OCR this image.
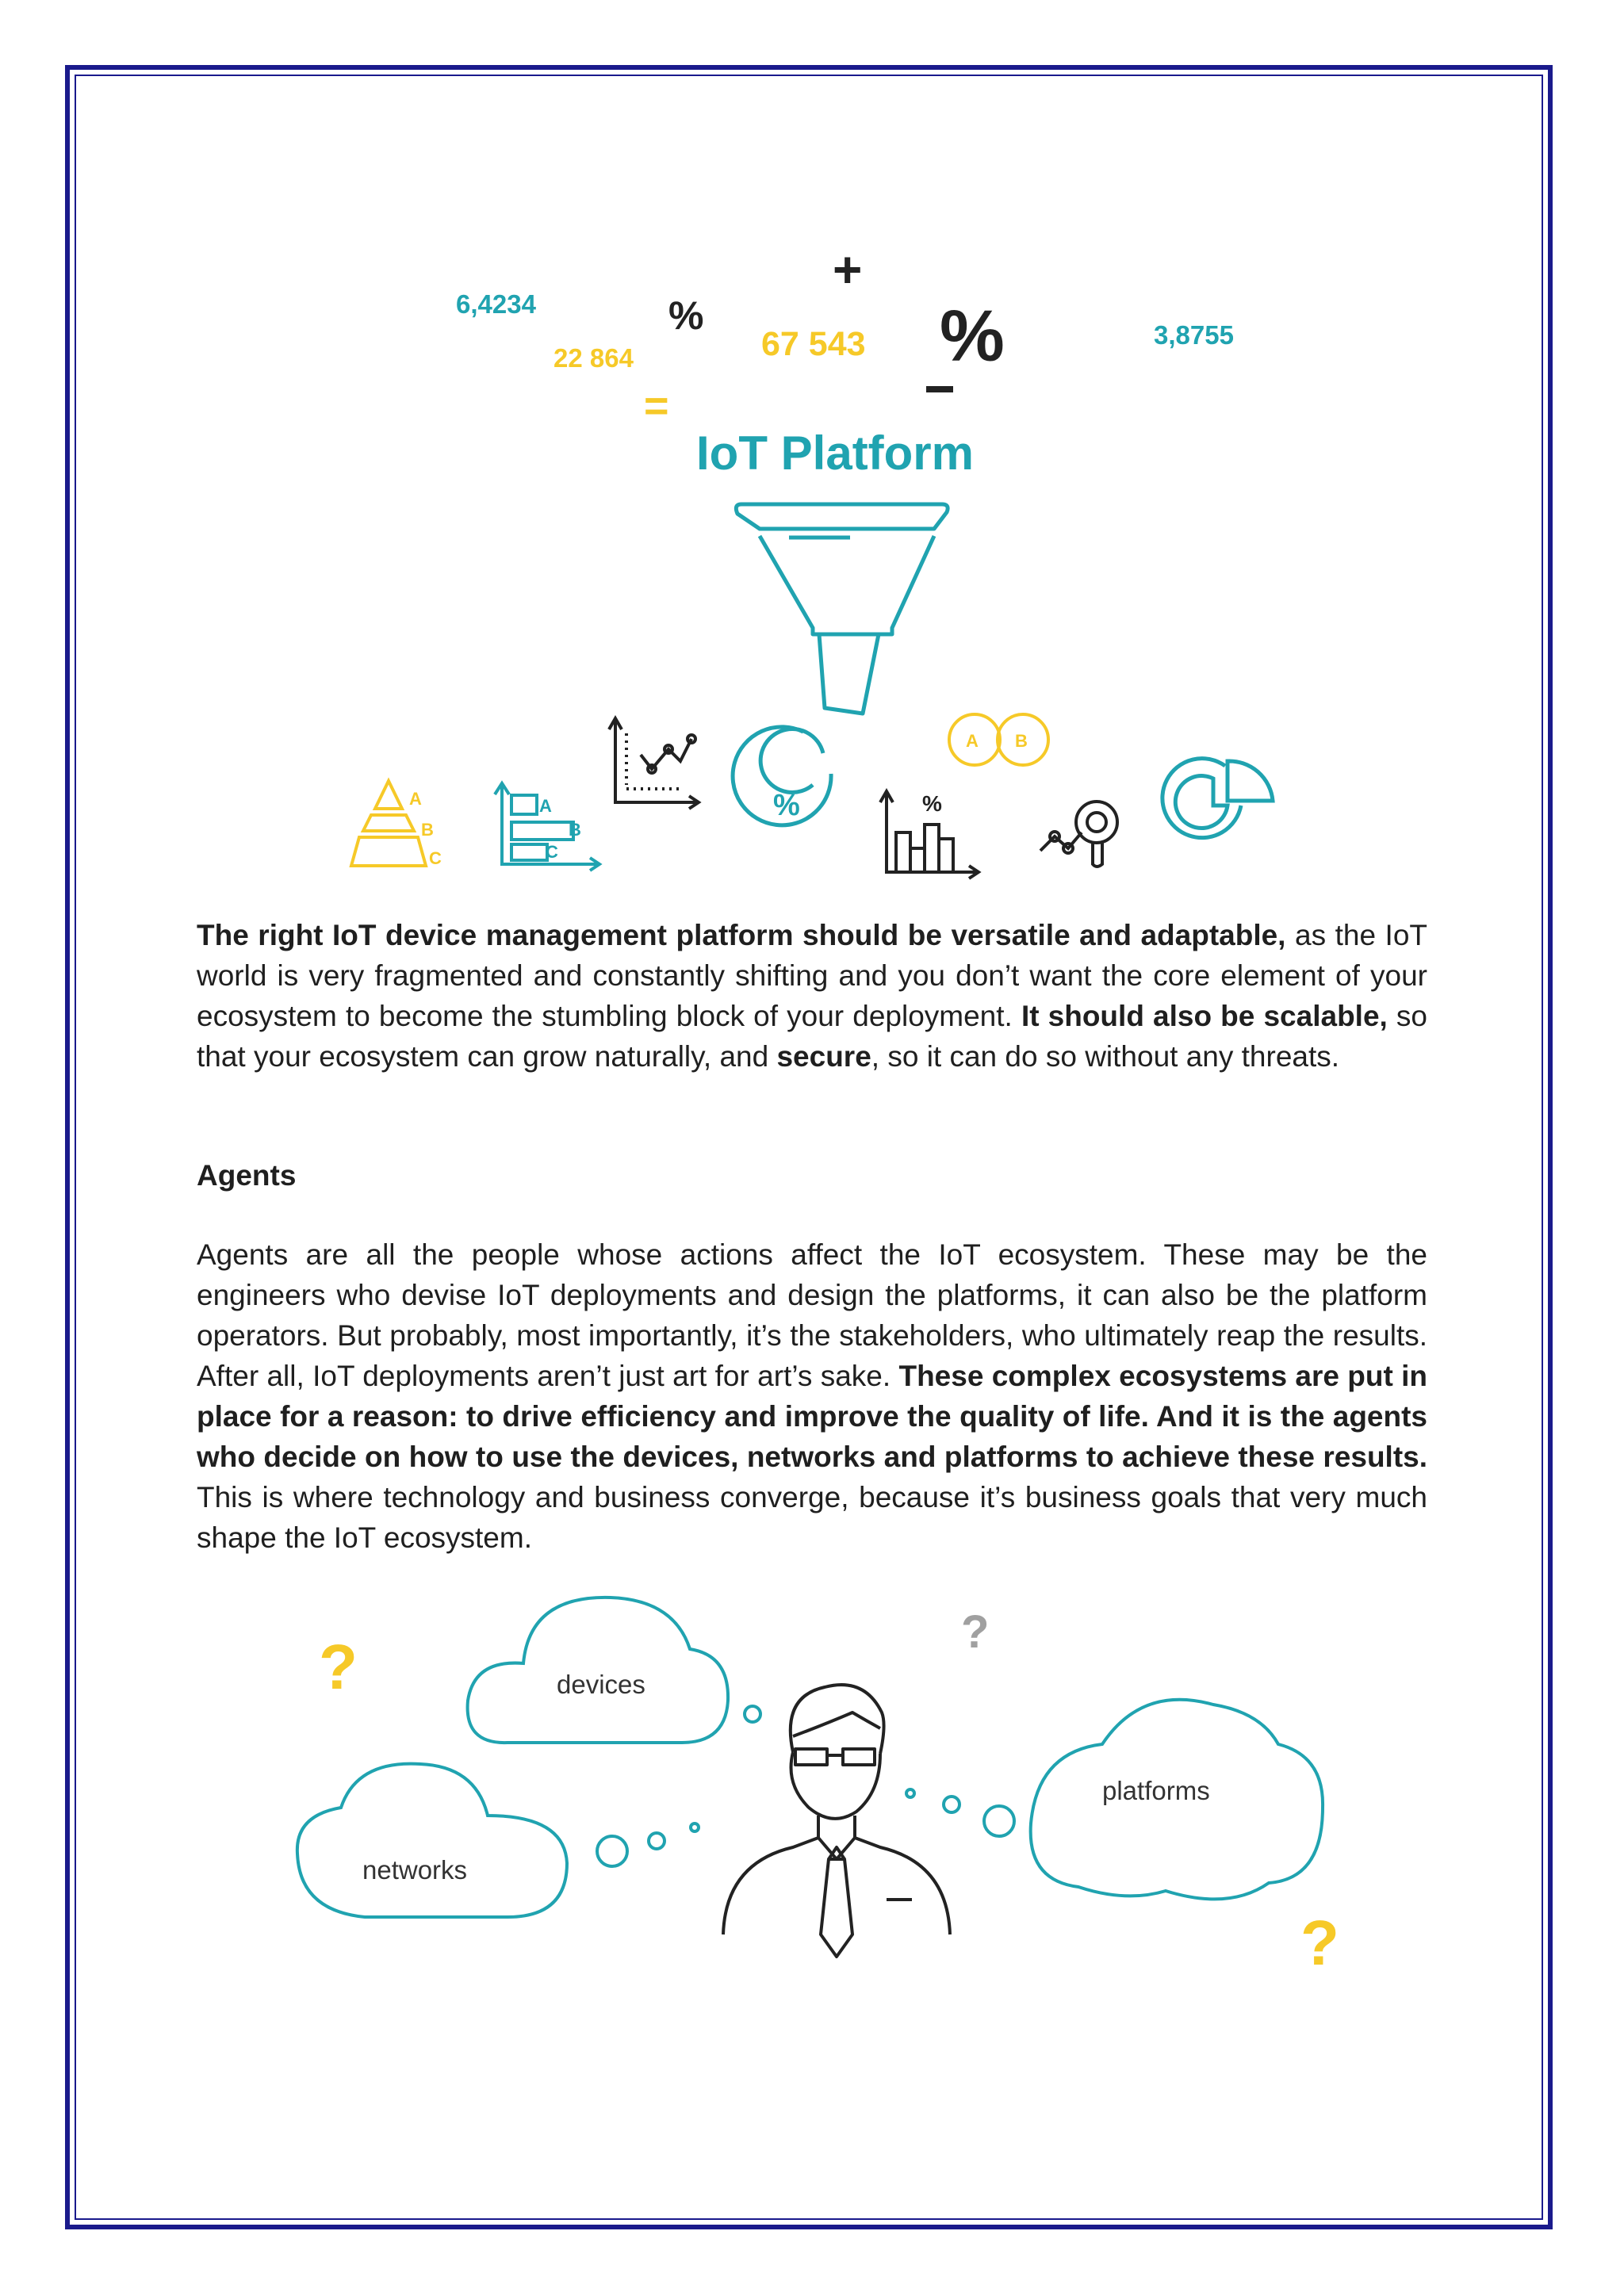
6,4234
22 864
%
67 543
+
%	3,8755
=
IoT Platform
A
B
C
A
B
C
%	%
A B

The right IoT device management platform should be versatile and adaptable, as the IoT world is very fragmented and constantly shifting and you don’t want the core element of your ecosystem to become the stumbling block of your deployment. It should also be scalable, so that your ecosystem can grow naturally, and secure, so it can do so without any threats.

Agents

Agents are all the people whose actions affect the IoT ecosystem. These may be the engineers who devise IoT deployments and design the platforms, it can also be the platform operators. But probably, most importantly, it’s the stakeholders, who ultimately reap the results. After all, IoT deployments aren’t just art for art’s sake. These complex ecosystems are put in place for a reason: to drive efficiency and improve the quality of life. And it is the agents who decide on how to use the devices, networks and platforms to achieve these results. This is where technology and business converge, because it’s business goals that very much shape the IoT ecosystem.

?	?
?
devices
networks
platforms
